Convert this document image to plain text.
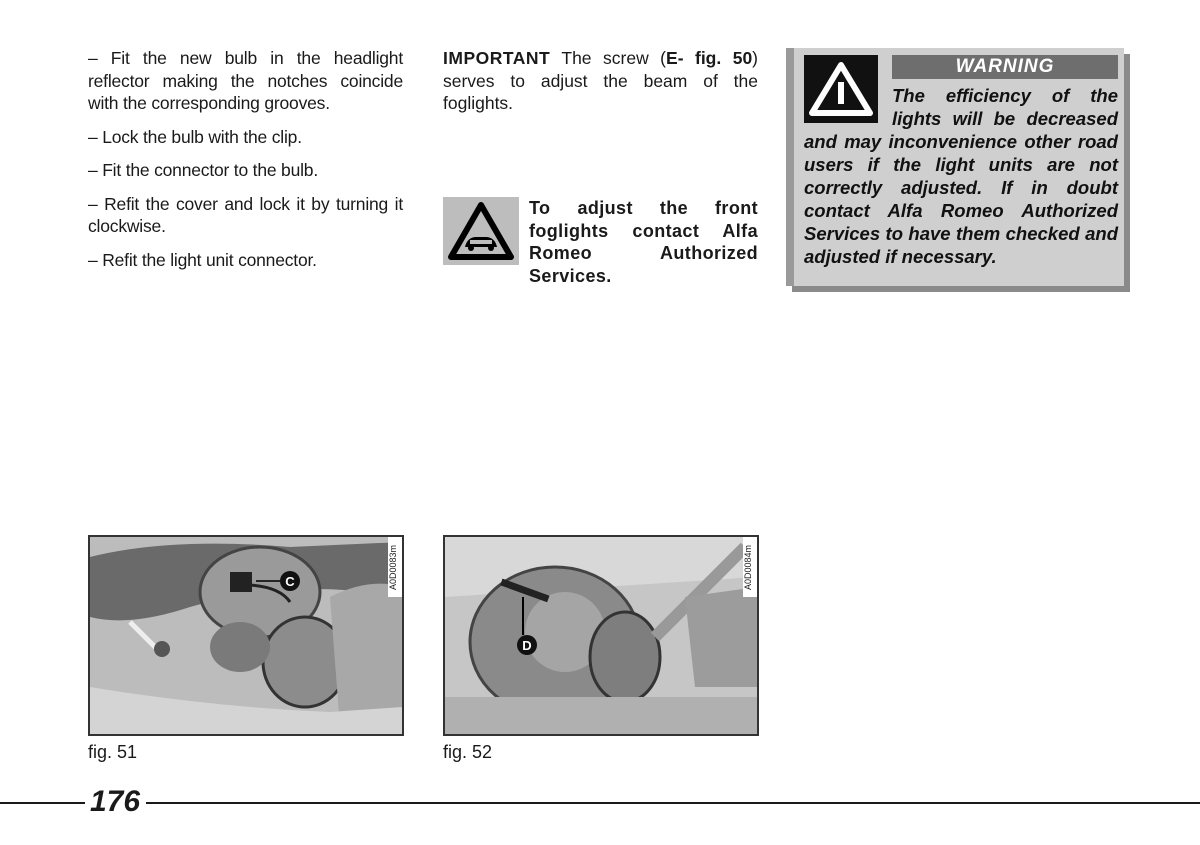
– Fit the new bulb in the headlight reflector making the notches coincide with the corresponding grooves.

– Lock the bulb with the clip.

– Fit the connector to the bulb.

– Refit the cover and lock it by turning it clockwise.

– Refit the light unit connector.

IMPORTANT The screw (E- fig. 50) serves to adjust the beam of the foglights.

To adjust the front foglights contact Alfa Romeo Authorized Services.
WARNING
The efficiency of the lights will be decreased and may inconvenience other road users if the light units are not correctly adjusted. If in doubt contact Alfa Romeo Authorized Services to have them checked and adjusted if necessary.
C	A0D0083m
fig. 51
D
A0D0084m
fig. 52
176
